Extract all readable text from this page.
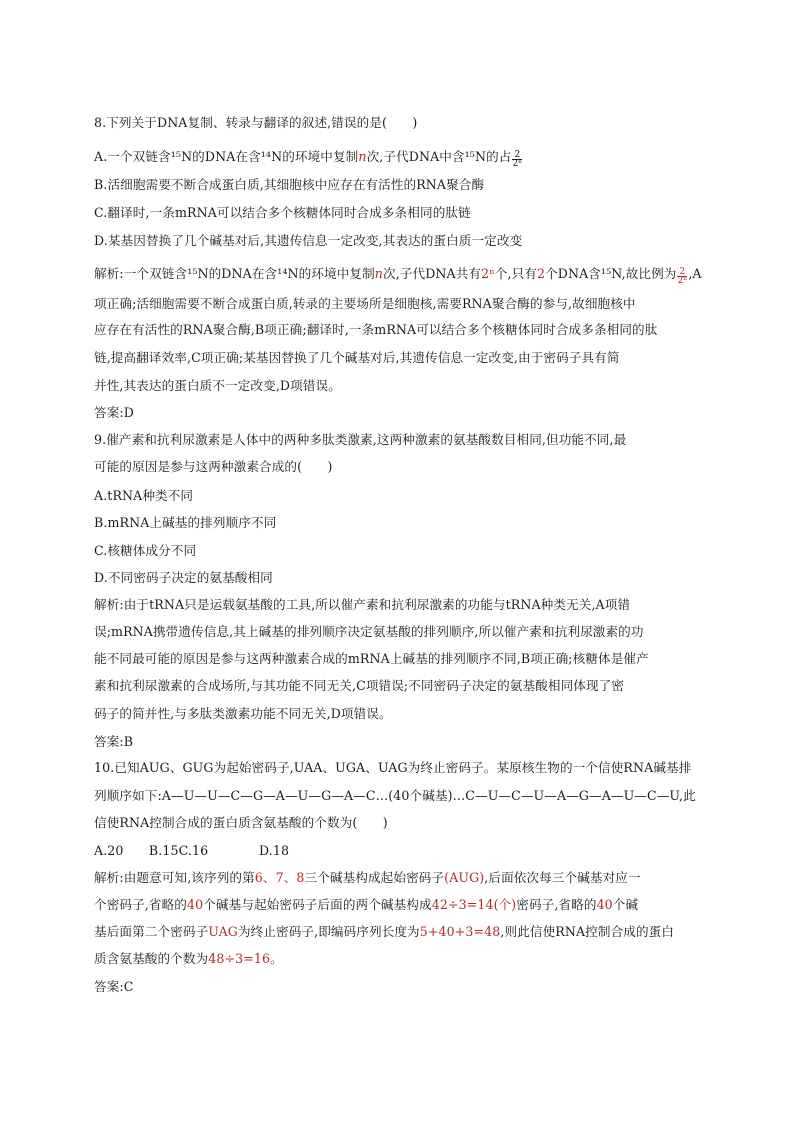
8.下列关于DNA复制、转录与翻译的叙述,错误的是(　　)
A.一个双链含¹⁵N的DNA在含¹⁴N的环境中复制n次,子代DNA中含¹⁵N的占 $\frac{2}{\text{2ⁿ}}$
B.活细胞需要不断合成蛋白质,其细胞核中应存在有活性的RNA聚合酶
C.翻译时,一条mRNA可以结合多个核糖体同时合成多条相同的肽链
D.某基因替换了几个碱基对后,其遗传信息一定改变,其表达的蛋白质一定改变
解析:一个双链含¹⁵N的DNA在含¹⁴N的环境中复制n次,子代DNA共有2ⁿ个,只有2个DNA含¹⁵N,故比例为 $\frac{2}{\text{2ⁿ}} ,A$
项正确;活细胞需要不断合成蛋白质,转录的主要场所是细胞核,需要RNA聚合酶的参与,故细胞核中
应存在有活性的RNA聚合酶,B项正确;翻译时,一条mRNA可以结合多个核糖体同时合成多条相同的肽
链,提高翻译效率,C项正确;某基因替换了几个碱基对后,其遗传信息一定改变,由于密码子具有简
并性,其表达的蛋白质不一定改变,D项错误。
答案:D
9.催产素和抗利尿激素是人体中的两种多肽类激素,这两种激素的氨基酸数目相同,但功能不同,最
可能的原因是参与这两种激素合成的(　　)
A.tRNA种类不同
B.mRNA上碱基的排列顺序不同
C.核糖体成分不同
D.不同密码子决定的氨基酸相同
解析:由于tRNA只是运载氨基酸的工具,所以催产素和抗利尿激素的功能与tRNA种类无关,A项错
误;mRNA携带遗传信息,其上碱基的排列顺序决定氨基酸的排列顺序,所以催产素和抗利尿激素的功
能不同最可能的原因是参与这两种激素合成的mRNA上碱基的排列顺序不同,B项正确;核糖体是催产
素和抗利尿激素的合成场所,与其功能不同无关,C项错误;不同密码子决定的氨基酸相同体现了密
码子的简并性,与多肽类激素功能不同无关,D项错误。
答案:B
10.已知AUG、GUG为起始密码子,UAA、UGA、UAG为终止密码子。某原核生物的一个信使RNA碱基排
列顺序如下:A—U—U—C—G—A—U—G—A—C…(40个碱基)…C—U—C—U—A—G—A—U—C—U,此
信使RNA控制合成的蛋白质含氨基酸的个数为(　　)
A.20　　B.15C.16　　　　D.18
解析:由题意可知,该序列的第6、7、8三个碱基构成起始密码子(AUG),后面依次每三个碱基对应一
个密码子,省略的40个碱基与起始密码子后面的两个碱基构成42÷3=14(个)密码子,省略的40个碱
基后面第二个密码子UAG为终止密码子,即编码序列长度为5+40+3=48,则此信使RNA控制合成的蛋白
质含氨基酸的个数为48÷3=16。
答案:C
